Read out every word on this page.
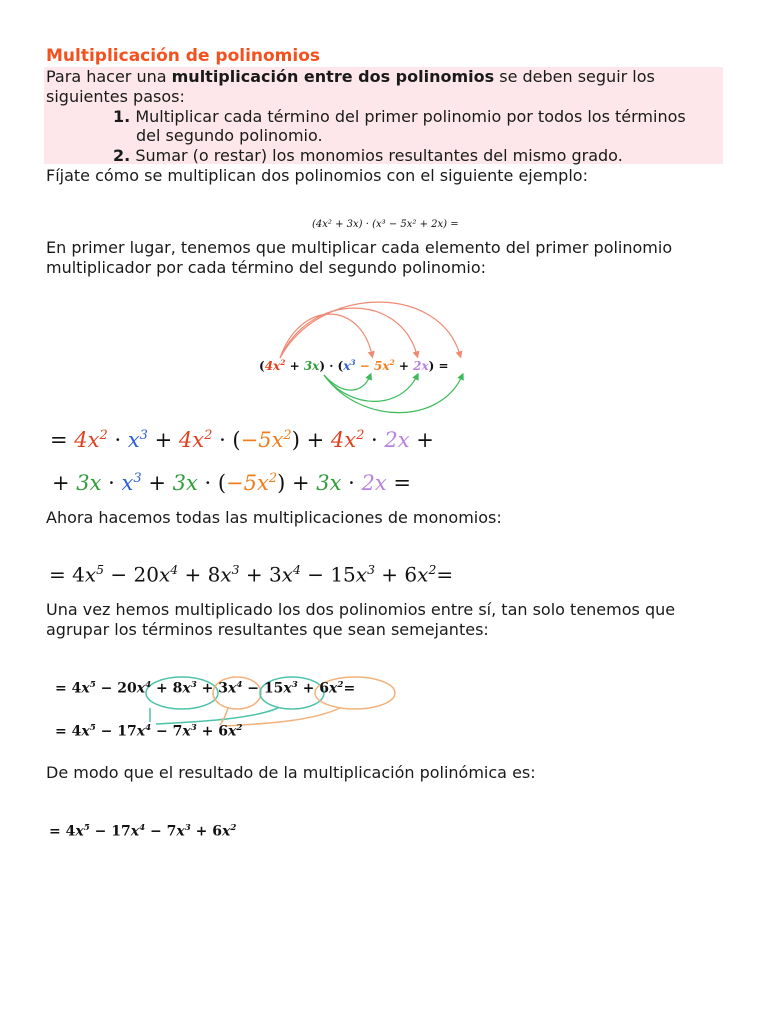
Multiplicación de polinomios
Para hacer una multiplicación entre dos polinomios se deben seguir los
siguientes pasos:
1. Multiplicar cada término del primer polinomio por todos los términos
del segundo polinomio.
2. Sumar (o restar) los monomios resultantes del mismo grado.
Fíjate cómo se multiplican dos polinomios con el siguiente ejemplo:
(4x² + 3x) · (x³ − 5x² + 2x) =
En primer lugar, tenemos que multiplicar cada elemento del primer polinomio
multiplicador por cada término del segundo polinomio:
$(4x^2 + 3x) \cdot (x^3 - 5x^2 + 2x)$ =
= $4x^2 \cdot x^3 + 4x^2 \cdot (-5x^2) + 4x^2 \cdot 2x$ +
+ $3x \cdot x^3 + 3x \cdot (-5x^2) + 3x \cdot 2x$ =
Ahora hacemos todas las multiplicaciones de monomios:
= $4x^5 - 20x^4 + 8x^3 + 3x^4 - 15x^3 + 6x^2=$
Una vez hemos multiplicado los dos polinomios entre sí, tan solo tenemos que
agrupar los términos resultantes que sean semejantes:
= $4x^5 - 20x^4 + 8x^3 + 3x^4 - 15x^3 + 6x^2=$
= $4x^5 - 17x^4 - 7x^3 + 6x^2$
De modo que el resultado de la multiplicación polinómica es:
= $4x^5 - 17x^4 - 7x^3 + 6x^2$
